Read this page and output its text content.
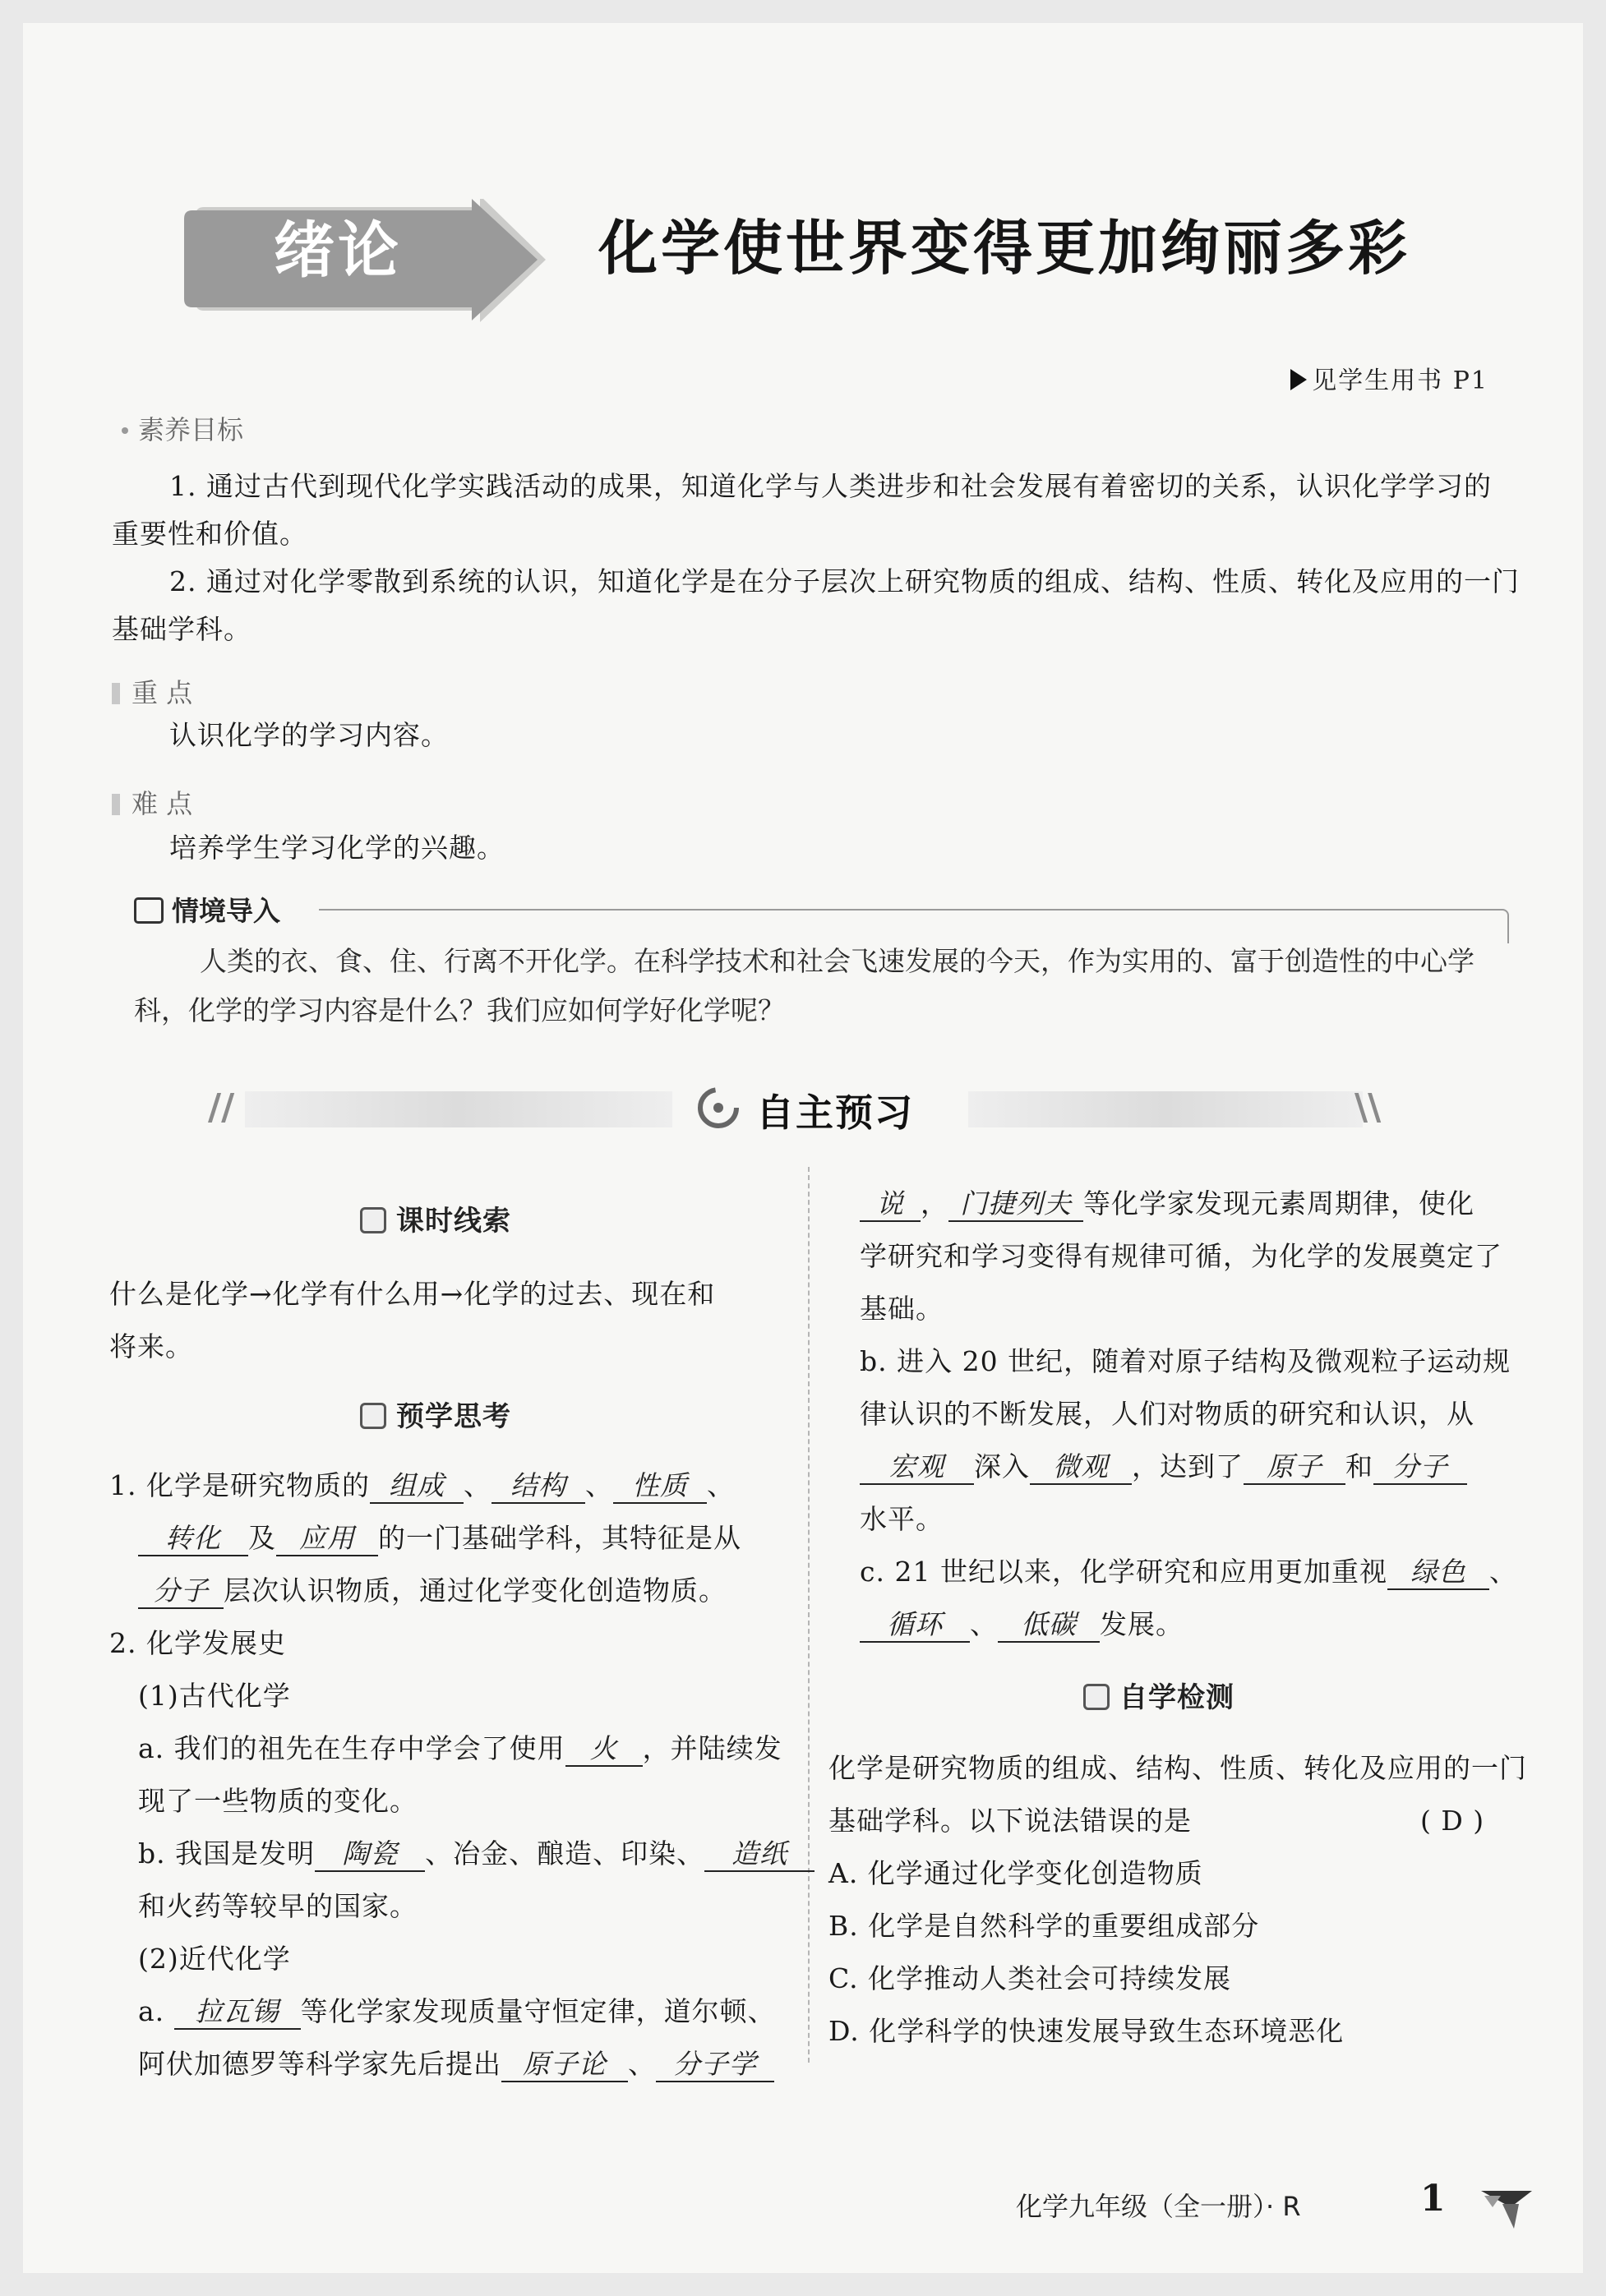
绪论	化学使世界变得更加绚丽多彩
见学生用书 P1
素养目标
1. 通过古代到现代化学实践活动的成果，知道化学与人类进步和社会发展有着密切的关系，认识化学学习的
重要性和价值。
2. 通过对化学零散到系统的认识，知道化学是在分子层次上研究物质的组成、结构、性质、转化及应用的一门
基础学科。
重 点
认识化学的学习内容。
难 点
培养学生学习化学的兴趣。
情境导入
人类的衣、食、住、行离不开化学。在科学技术和社会飞速发展的今天，作为实用的、富于创造性的中心学科，化学的学习内容是什么？我们应如何学好化学呢？
//	\\
自主预习
课时线索
什么是化学→化学有什么用→化学的过去、现在和
将来。
预学思考
1. 化学是研究物质的 组成 、 结构 、 性质 、
转化 及 应用 的一门基础学科，其特征是从
分子 层次认识物质，通过化学变化创造物质。
2. 化学发展史
(1)古代化学
a. 我们的祖先在生存中学会了使用 火 ，并陆续发
现了一些物质的变化。
b. 我国是发明 陶瓷 、冶金、酿造、印染、 造纸
和火药等较早的国家。
(2)近代化学
a. 拉瓦锡 等化学家发现质量守恒定律，道尔顿、
阿伏加德罗等科学家先后提出 原子论 、 分子学
说 ， 门捷列夫 等化学家发现元素周期律，使化
学研究和学习变得有规律可循，为化学的发展奠定了
基础。
b. 进入 20 世纪，随着对原子结构及微观粒子运动规
律认识的不断发展，人们对物质的研究和认识，从
宏观 深入 微观 ，达到了 原子 和 分子
水平。
c. 21 世纪以来，化学研究和应用更加重视 绿色 、
循环 、 低碳 发展。
自学检测
化学是研究物质的组成、结构、性质、转化及应用的一门
基础学科。以下说法错误的是	( D )
A. 化学通过化学变化创造物质
B. 化学是自然科学的重要组成部分
C. 化学推动人类社会可持续发展
D. 化学科学的快速发展导致生态环境恶化
化学九年级（全一册）· R	1
